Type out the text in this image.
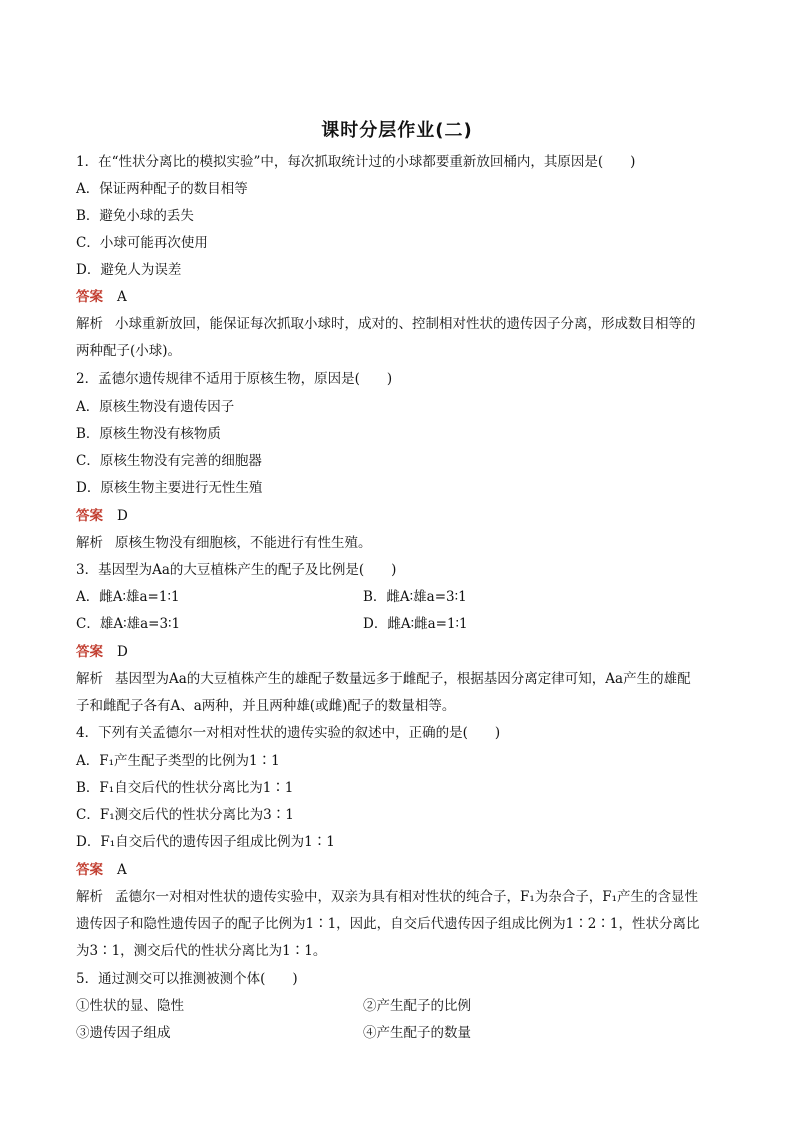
课时分层作业(二)
1．在“性状分离比的模拟实验”中，每次抓取统计过的小球都要重新放回桶内，其原因是(　　)
A．保证两种配子的数目相等
B．避免小球的丢失
C．小球可能再次使用
D．避免人为误差
答案 A
解析 小球重新放回，能保证每次抓取小球时，成对的、控制相对性状的遗传因子分离，形成数目相等的
两种配子(小球)。
2．孟德尔遗传规律不适用于原核生物，原因是(　　)
A．原核生物没有遗传因子
B．原核生物没有核物质
C．原核生物没有完善的细胞器
D．原核生物主要进行无性生殖
答案 D
解析 原核生物没有细胞核，不能进行有性生殖。
3．基因型为Aa的大豆植株产生的配子及比例是(　　)
A．雌A∶雄a=1∶1	B．雌A∶雄a=3∶1
C．雄A∶雄a=3∶1	D．雌A∶雌a=1∶1
答案 D
解析 基因型为Aa的大豆植株产生的雄配子数量远多于雌配子，根据基因分离定律可知，Aa产生的雄配
子和雌配子各有A、a两种，并且两种雄(或雌)配子的数量相等。
4．下列有关孟德尔一对相对性状的遗传实验的叙述中，正确的是(　　)
A．F₁产生配子类型的比例为1∶1
B．F₁自交后代的性状分离比为1∶1
C．F₁测交后代的性状分离比为3∶1
D．F₁自交后代的遗传因子组成比例为1∶1
答案 A
解析 孟德尔一对相对性状的遗传实验中，双亲为具有相对性状的纯合子，F₁为杂合子，F₁产生的含显性
遗传因子和隐性遗传因子的配子比例为1∶1，因此，自交后代遗传因子组成比例为1∶2∶1，性状分离比
为3∶1，测交后代的性状分离比为1∶1。
5．通过测交可以推测被测个体(　　)
①性状的显、隐性	②产生配子的比例
③遗传因子组成	④产生配子的数量
